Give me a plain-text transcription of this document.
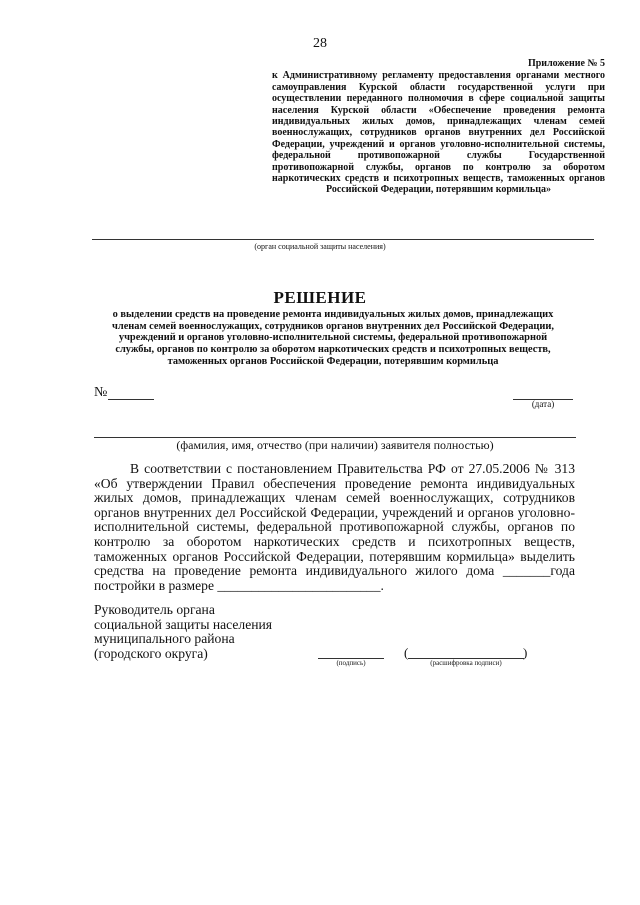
28

Приложение № 5

к Административному регламенту предоставления органами местного самоуправления Курской области государственной услуги при осуществлении переданного полномочия в сфере социальной защиты населения Курской области «Обеспечение проведения ремонта индивидуальных жилых домов, принадлежащих членам семей военнослужащих, сотрудников органов внутренних дел Российской Федерации, учреждений и органов уголовно-исполнительной системы, федеральной противопожарной службы Государственной противопожарной службы, органов по контролю за оборотом наркотических средств и психотропных веществ, таможенных органов Российской Федерации, потерявшим кормильца»

(орган социальной защиты населения)
РЕШЕНИЕ
о выделении средств на проведение ремонта индивидуальных жилых домов, принадлежащих членам семей военнослужащих, сотрудников органов внутренних дел Российской Федерации, учреждений и органов уголовно-исполнительной системы, федеральной противопожарной службы, органов по контролю за оборотом наркотических средств и психотропных веществ, таможенных органов Российской Федерации, потерявшим кормильца
№
(дата)
(фамилия, имя, отчество (при наличии) заявителя полностью)
В соответствии с постановлением Правительства РФ от 27.05.2006 № 313 «Об утверждении Правил обеспечения проведение ремонта индивидуальных жилых домов, принадлежащих членам семей военнослужащих, сотрудников органов внутренних дел Российской Федерации, учреждений и органов уголовно-исполнительной системы, федеральной противопожарной службы, органов по контролю за оборотом наркотических средств и психотропных веществ, таможенных органов Российской Федерации, потерявшим кормильца» выделить средства на проведение ремонта индивидуального жилого дома _______года постройки в размере ________________________.
Руководитель органа
социальной защиты населения
муниципального района
(городского округа)
(подпись)
(	)
(расшифровка подписи)
